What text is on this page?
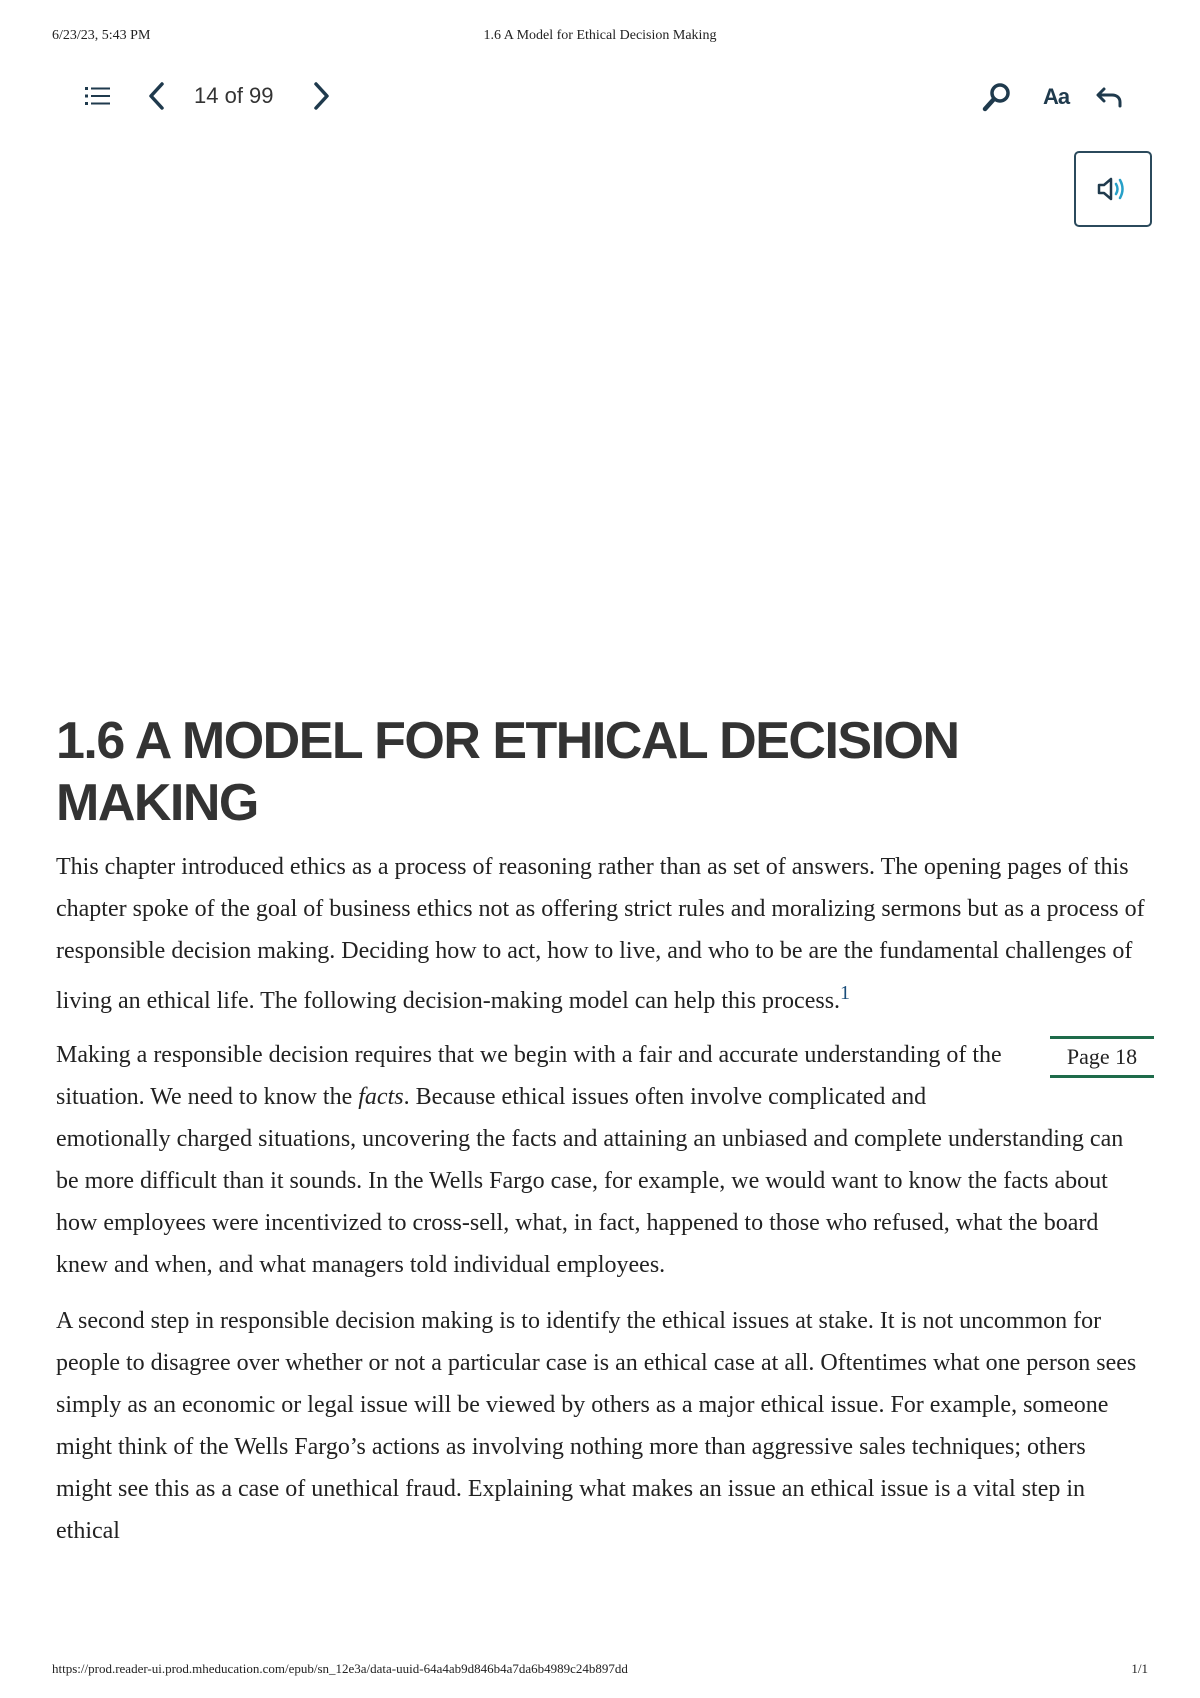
6/23/23, 5:43 PM	1.6 A Model for Ethical Decision Making
14 of 99	Aa
1.6 A MODEL FOR ETHICAL DECISION MAKING

This chapter introduced ethics as a process of reasoning rather than as set of answers. The opening pages of this chapter spoke of the goal of business ethics not as offering strict rules and moralizing sermons but as a process of responsible decision making. Deciding how to act, how to live, and who to be are the fundamental challenges of living an ethical life. The following decision-making model can help this process.$^1$

Page 18
Making a responsible decision requires that we begin with a fair and accurate understanding of the situation. We need to know the facts. Because ethical issues often involve complicated and emotionally charged situations, uncovering the facts and attaining an unbiased and complete understanding can be more difficult than it sounds. In the Wells Fargo case, for example, we would want to know the facts about how employees were incentivized to cross-sell, what, in fact, happened to those who refused, what the board knew and when, and what managers told individual employees.

A second step in responsible decision making is to identify the ethical issues at stake. It is not uncommon for people to disagree over whether or not a particular case is an ethical case at all. Oftentimes what one person sees simply as an economic or legal issue will be viewed by others as a major ethical issue. For example, someone might think of the Wells Fargo’s actions as involving nothing more than aggressive sales techniques; others might see this as a case of unethical fraud. Explaining what makes an issue an ethical issue is a vital step in ethical

https://prod.reader-ui.prod.mheducation.com/epub/sn_12e3a/data-uuid-64a4ab9d846b4a7da6b4989c24b897dd	1/1
